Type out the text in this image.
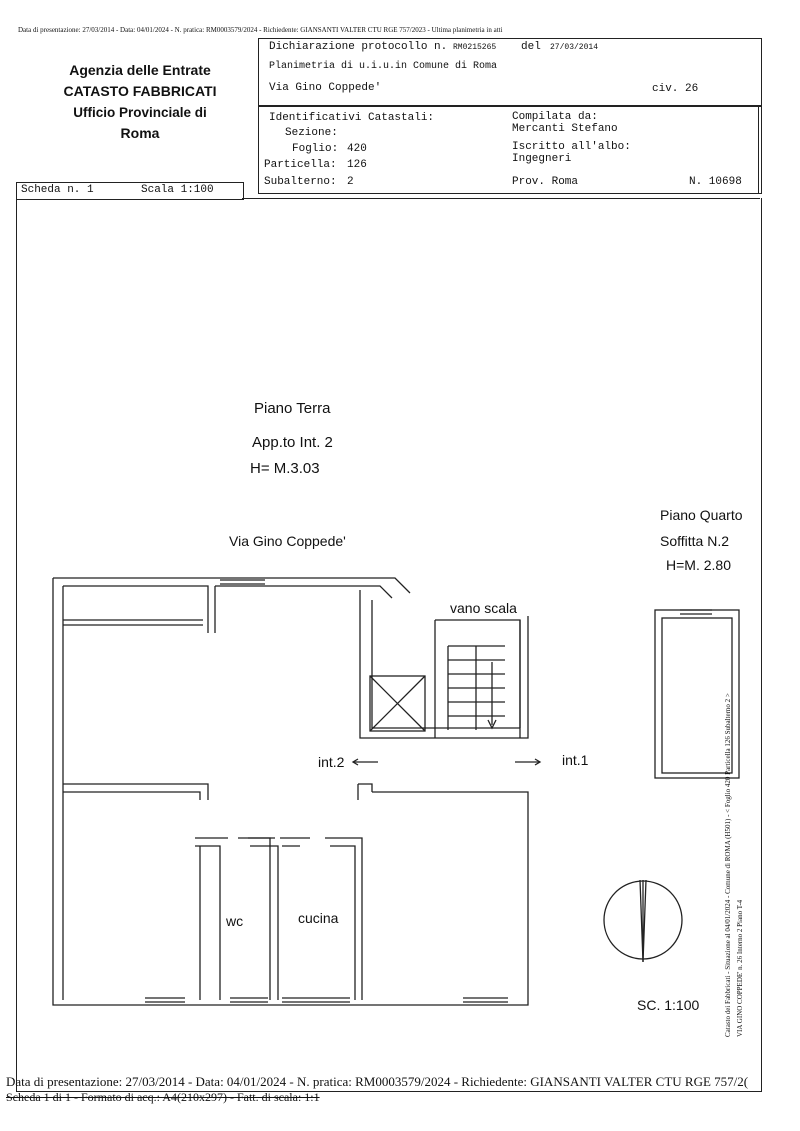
Data di presentazione: 27/03/2014 - Data: 04/01/2024 - N. pratica: RM0003579/2024 - Richiedente: GIANSANTI VALTER CTU RGE 757/2023 - Ultima planimetria in atti
Agenzia delle Entrate
CATASTO FABBRICATI
Ufficio Provinciale di
Roma
Dichiarazione protocollo n. RM0215265 del 27/03/2014
Planimetria di u.i.u.in Comune di Roma
Via Gino Coppede'	civ. 26
Identificativi Catastali:
Sezione:
Foglio: 420
Particella: 126
Subalterno: 2
Compilata da:
Mercanti Stefano
Iscritto all'albo:
Ingegneri
Prov. Roma	N. 10698
Scheda n. 1	Scala 1:100
Piano Terra
App.to Int. 2
H= M.3.03
Via Gino Coppede'
Piano Quarto
Soffitta N.2
H=M. 2.80
vano scala
int.2	int.1
wc	cucina
SC. 1:100	Catasto dei Fabbricati - Situazione al 04/01/2024 - Comune di ROMA (H501) - < Foglio 420 Particella 126 Subalterno 2 > VIA GINO COPPEDE' n. 26 Interno 2 Piano T-4
Data di presentazione: 27/03/2014 - Data: 04/01/2024 - N. pratica: RM0003579/2024 - Richiedente: GIANSANTI VALTER CTU RGE 757/2(
Scheda 1 di 1 - Formato di acq.: A4(210x297) - Fatt. di scala: 1:1
